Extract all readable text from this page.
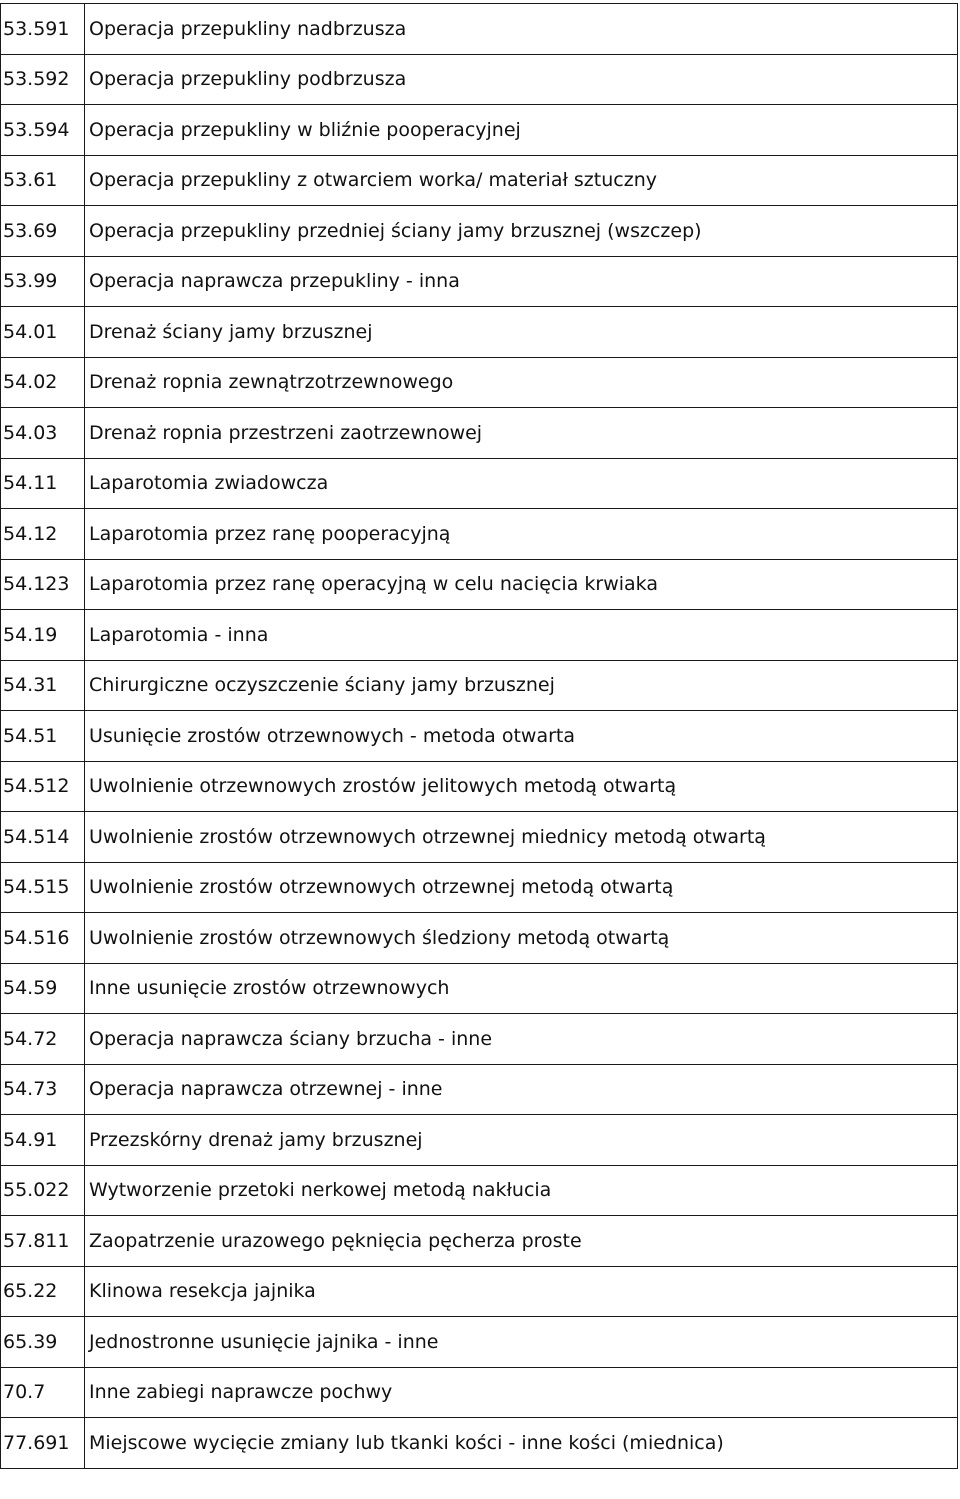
53.591	Operacja przepukliny nadbrzusza
53.592	Operacja przepukliny podbrzusza
53.594	Operacja przepukliny w bliźnie pooperacyjnej
53.61	Operacja przepukliny z otwarciem worka/ materiał sztuczny
53.69	Operacja przepukliny przedniej ściany jamy brzusznej (wszczep)
53.99	Operacja naprawcza przepukliny - inna
54.01	Drenaż ściany jamy brzusznej
54.02	Drenaż ropnia zewnątrzotrzewnowego
54.03	Drenaż ropnia przestrzeni zaotrzewnowej
54.11	Laparotomia zwiadowcza
54.12	Laparotomia przez ranę pooperacyjną
54.123	Laparotomia przez ranę operacyjną w celu nacięcia krwiaka
54.19	Laparotomia - inna
54.31	Chirurgiczne oczyszczenie ściany jamy brzusznej
54.51	Usunięcie zrostów otrzewnowych - metoda otwarta
54.512	Uwolnienie otrzewnowych zrostów jelitowych metodą otwartą
54.514	Uwolnienie zrostów otrzewnowych otrzewnej miednicy metodą otwartą
54.515	Uwolnienie zrostów otrzewnowych otrzewnej metodą otwartą
54.516	Uwolnienie zrostów otrzewnowych śledziony metodą otwartą
54.59	Inne usunięcie zrostów otrzewnowych
54.72	Operacja naprawcza ściany brzucha - inne
54.73	Operacja naprawcza otrzewnej - inne
54.91	Przezskórny drenaż jamy brzusznej
55.022	Wytworzenie przetoki nerkowej metodą nakłucia
57.811	Zaopatrzenie urazowego pęknięcia pęcherza proste
65.22	Klinowa resekcja jajnika
65.39	Jednostronne usunięcie jajnika - inne
70.7	Inne zabiegi naprawcze pochwy
77.691	Miejscowe wycięcie zmiany lub tkanki kości - inne kości (miednica)
